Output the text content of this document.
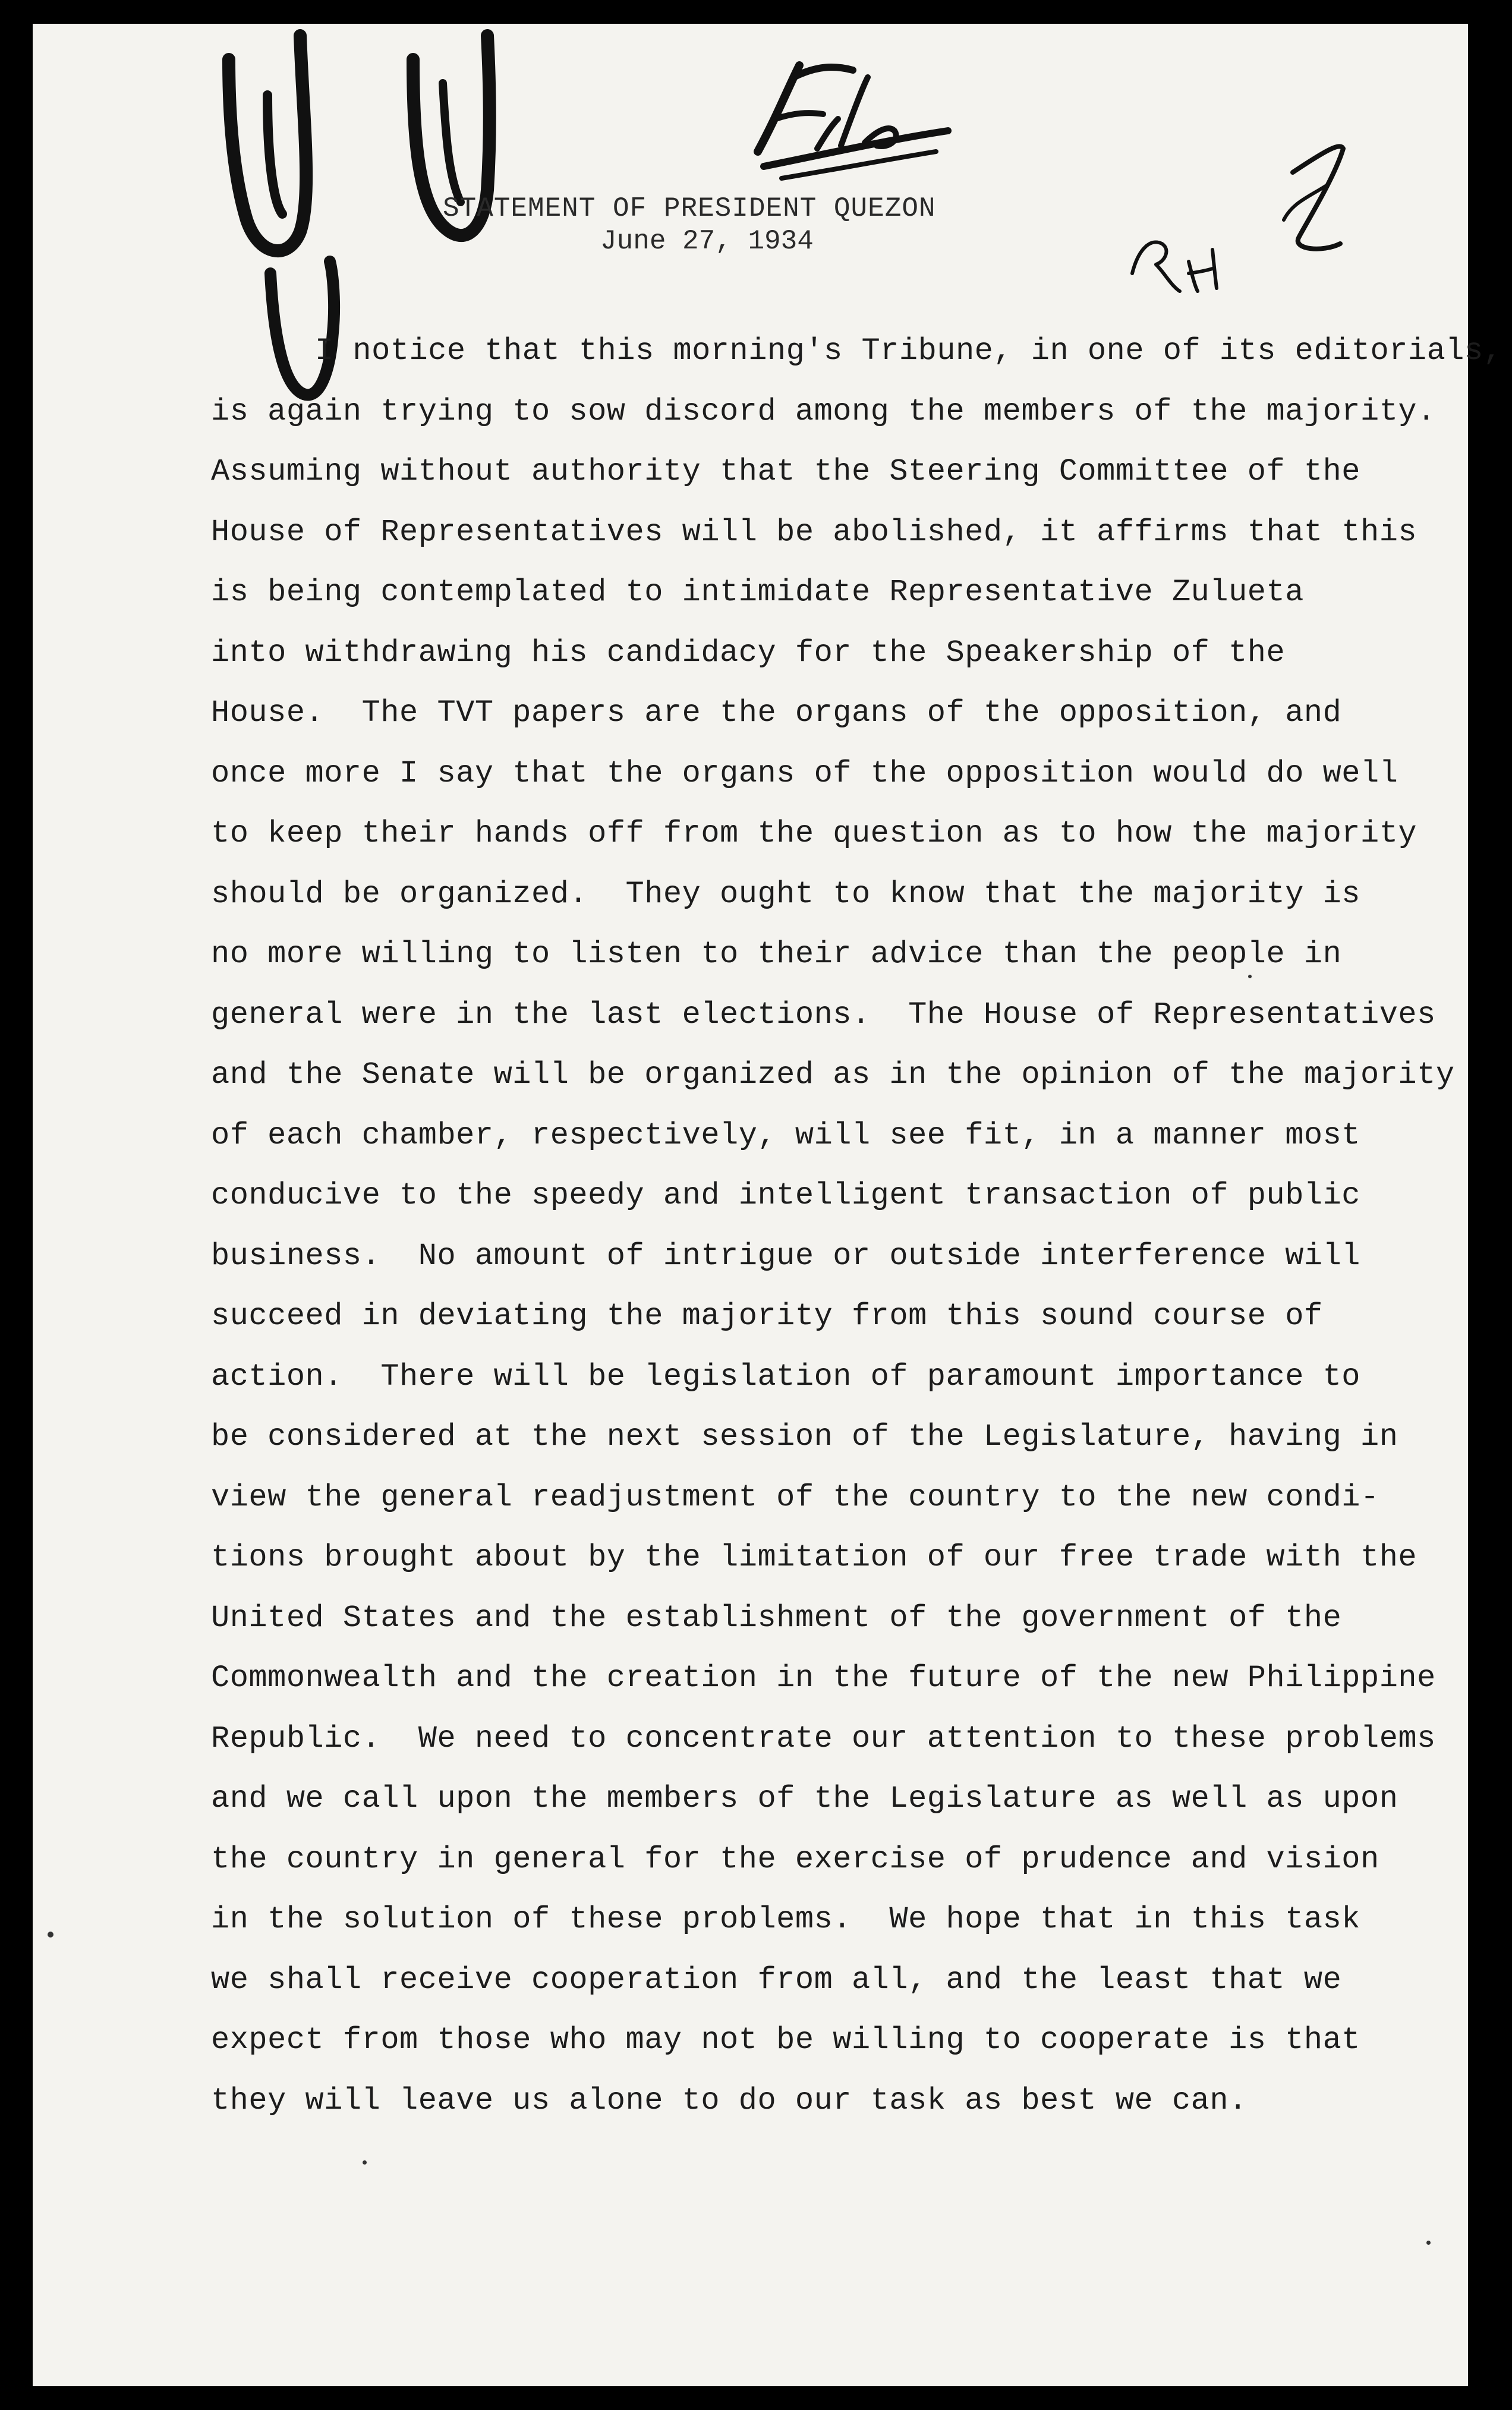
STATEMENT OF PRESIDENT QUEZON
June 27, 1934
I notice that this morning's Tribune, in one of its editorials,
is again trying to sow discord among the members of the majority.
Assuming without authority that the Steering Committee of the
House of Representatives will be abolished, it affirms that this
is being contemplated to intimidate Representative Zulueta
into withdrawing his candidacy for the Speakership of the
House.  The TVT papers are the organs of the opposition, and
once more I say that the organs of the opposition would do well
to keep their hands off from the question as to how the majority
should be organized.  They ought to know that the majority is
no more willing to listen to their advice than the people in
general were in the last elections.  The House of Representatives
and the Senate will be organized as in the opinion of the majority
of each chamber, respectively, will see fit, in a manner most
conducive to the speedy and intelligent transaction of public
business.  No amount of intrigue or outside interference will
succeed in deviating the majority from this sound course of
action.  There will be legislation of paramount importance to
be considered at the next session of the Legislature, having in
view the general readjustment of the country to the new condi-
tions brought about by the limitation of our free trade with the
United States and the establishment of the government of the
Commonwealth and the creation in the future of the new Philippine
Republic.  We need to concentrate our attention to these problems
and we call upon the members of the Legislature as well as upon
the country in general for the exercise of prudence and vision
in the solution of these problems.  We hope that in this task
we shall receive cooperation from all, and the least that we
expect from those who may not be willing to cooperate is that
they will leave us alone to do our task as best we can.
